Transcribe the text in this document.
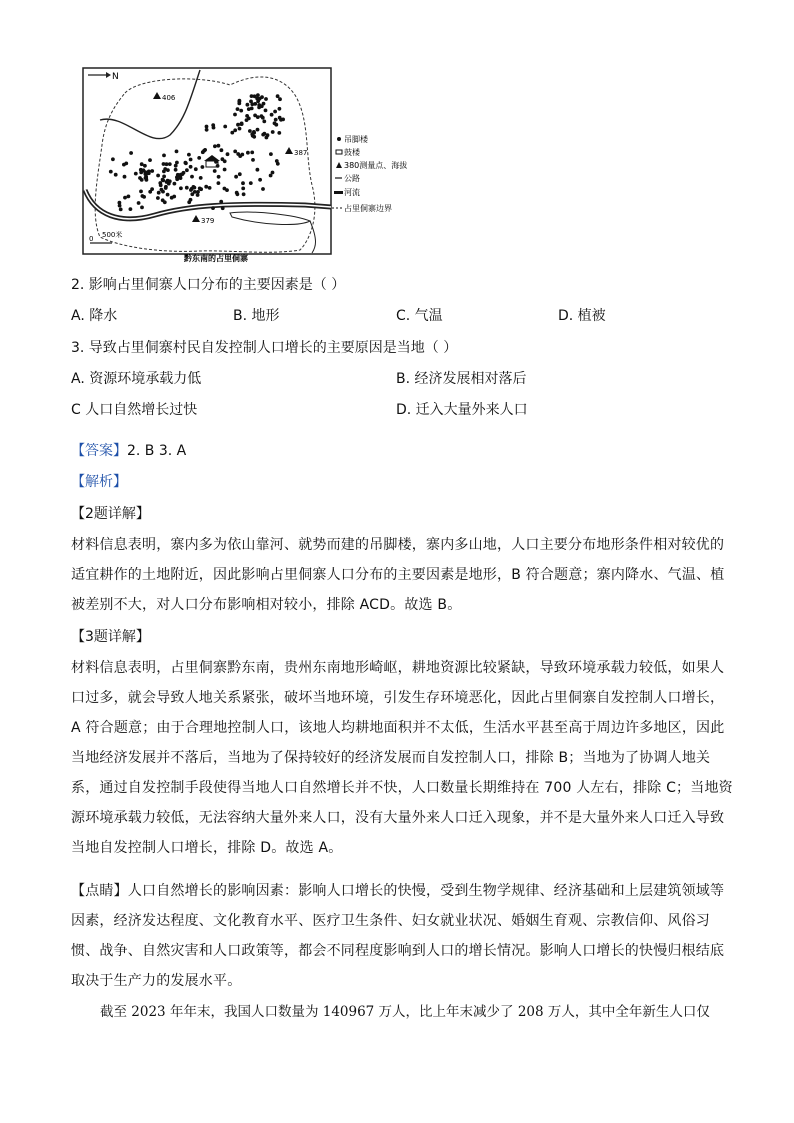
N
406
387
379
0 500米
黔东南的占里侗寨
吊脚楼
鼓楼
380测量点、海拔
公路
河流
占里侗寨边界
2. 影响占里侗寨人口分布的主要因素是（ ）
A. 降水	B. 地形	C. 气温	D. 植被
3. 导致占里侗寨村民自发控制人口增长的主要原因是当地（ ）
A. 资源环境承载力低	B. 经济发展相对落后
C 人口自然增长过快	D. 迁入大量外来人口
【答案】2. B 3. A
【解析】
【2题详解】
材料信息表明，寨内多为依山靠河、就势而建的吊脚楼，寨内多山地，人口主要分布地形条件相对较优的
适宜耕作的土地附近，因此影响占里侗寨人口分布的主要因素是地形，B 符合题意；寨内降水、气温、植
被差别不大，对人口分布影响相对较小，排除 ACD。故选 B。
【3题详解】
材料信息表明，占里侗寨黔东南，贵州东南地形崎岖，耕地资源比较紧缺，导致环境承载力较低，如果人
口过多，就会导致人地关系紧张，破坏当地环境，引发生存环境恶化，因此占里侗寨自发控制人口增长，
A 符合题意；由于合理地控制人口，该地人均耕地面积并不太低，生活水平甚至高于周边许多地区，因此
当地经济发展并不落后，当地为了保持较好的经济发展而自发控制人口，排除 B；当地为了协调人地关
系，通过自发控制手段使得当地人口自然增长并不快，人口数量长期维持在 700 人左右，排除 C；当地资
源环境承载力较低，无法容纳大量外来人口，没有大量外来人口迁入现象，并不是大量外来人口迁入导致
当地自发控制人口增长，排除 D。故选 A。
【点睛】人口自然增长的影响因素：影响人口增长的快慢，受到生物学规律、经济基础和上层建筑领域等
因素，经济发达程度、文化教育水平、医疗卫生条件、妇女就业状况、婚姻生育观、宗教信仰、风俗习
惯、战争、自然灾害和人口政策等，都会不同程度影响到人口的增长情况。影响人口增长的快慢归根结底
取决于生产力的发展水平。
截至 2023 年年末，我国人口数量为 140967 万人，比上年末减少了 208 万人，其中全年新生人口仅
